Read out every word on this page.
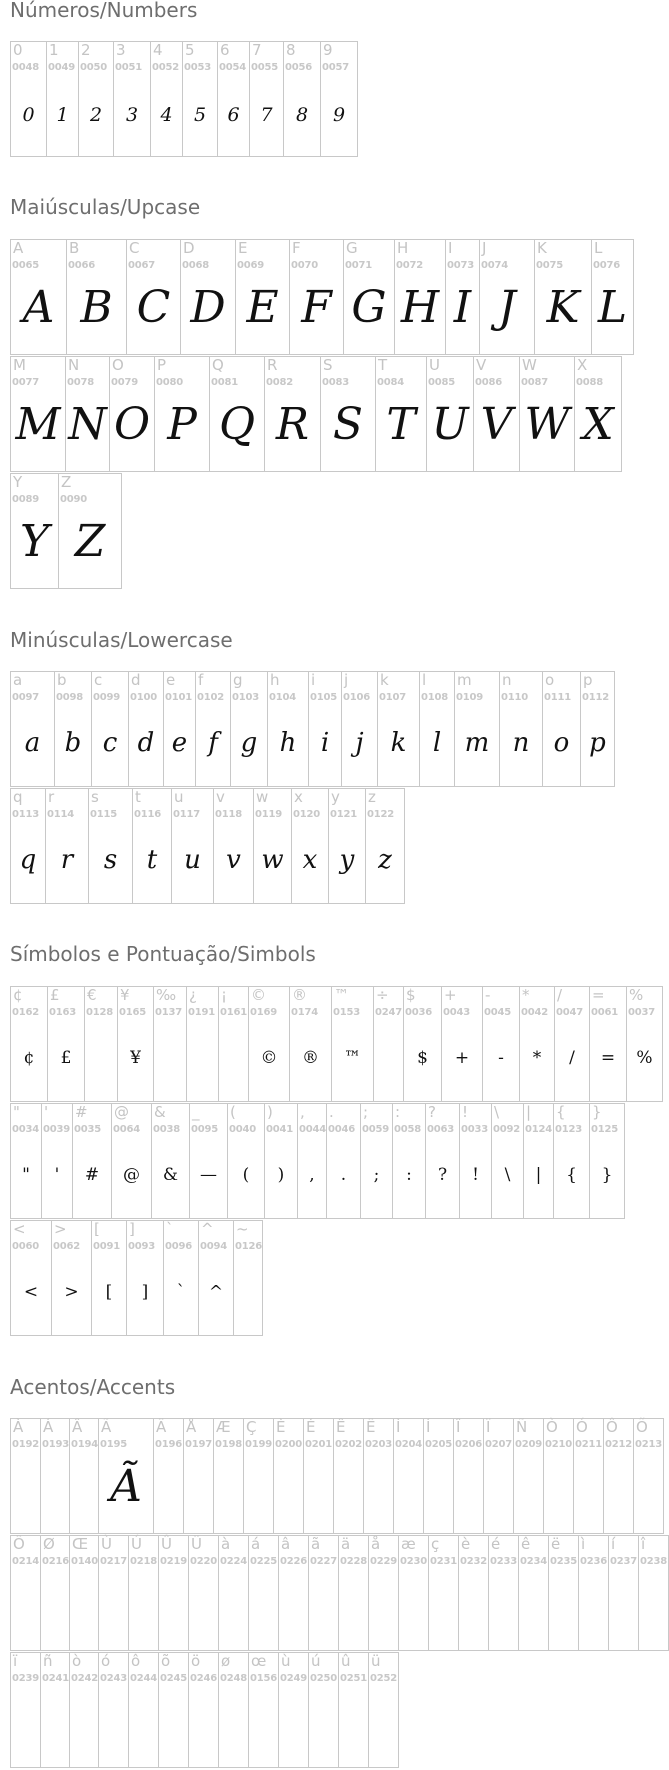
Números/Numbers
Maiúsculas/Upcase
Minúsculas/Lowercase
Símbolos e Pontuação/Simbols
Acentos/Accents
0
0048
0
1
0049
1
2
0050
2
3
0051
3
4
0052
4
5
0053
5
6
0054
6
7
0055
7
8
0056
8
9
0057
9
A
0065
A
B
0066
B
C
0067
C
D
0068
D
E
0069
E
F
0070
F
G
0071
G
H
0072
H
I
0073
I
J
0074
J
K
0075
K
L
0076
L
M
0077
M
N
0078
N
O
0079
O
P
0080
P
Q
0081
Q
R
0082
R
S
0083
S
T
0084
T
U
0085
U
V
0086
V
W
0087
W
X
0088
X
Y
0089
Y
Z
0090
Z
a
0097
a
b
0098
b
c
0099
c
d
0100
d
e
0101
e
f
0102
f
g
0103
g
h
0104
h
i
0105
i
j
0106
j
k
0107
k
l
0108
l
m
0109
m
n
0110
n
o
0111
o
p
0112
p
q
0113
q
r
0114
r
s
0115
s
t
0116
t
u
0117
u
v
0118
v
w
0119
w
x
0120
x
y
0121
y
z
0122
z
¢
0162
¢
£
0163
£
€
0128
¥
0165
¥
‰
0137
¿
0191
¡
0161
©
0169
©
®
0174
®
™
0153
™
÷
0247
$
0036
$
+
0043
+
-
0045
-
*
0042
*
/
0047
/
=
0061
=
%
0037
%
"
0034
"
'
0039
'
#
0035
#
@
0064
@
&
0038
&
_
0095
—
(
0040
(
)
0041
)
,
0044
,
.
0046
.
;
0059
;
:
0058
:
?
0063
?
!
0033
!
\
0092
\
|
0124
|
{
0123
{
}
0125
}
<
0060
<
>
0062
>
[
0091
[
]
0093
]
`
0096
`
^
0094
^
~
0126
À
0192
Á
0193
Â
0194
Ã
0195
Ã
Ä
0196
Å
0197
Æ
0198
Ç
0199
È
0200
É
0201
Ê
0202
Ë
0203
Ì
0204
Í
0205
Î
0206
Ï
0207
Ñ
0209
Ò
0210
Ó
0211
Ô
0212
Õ
0213
Ö
0214
Ø
0216
Œ
0140
Ù
0217
Ú
0218
Û
0219
Ü
0220
à
0224
á
0225
â
0226
ã
0227
ä
0228
å
0229
æ
0230
ç
0231
è
0232
é
0233
ê
0234
ë
0235
ì
0236
í
0237
î
0238
ï
0239
ñ
0241
ò
0242
ó
0243
ô
0244
õ
0245
ö
0246
ø
0248
œ
0156
ù
0249
ú
0250
û
0251
ü
0252
